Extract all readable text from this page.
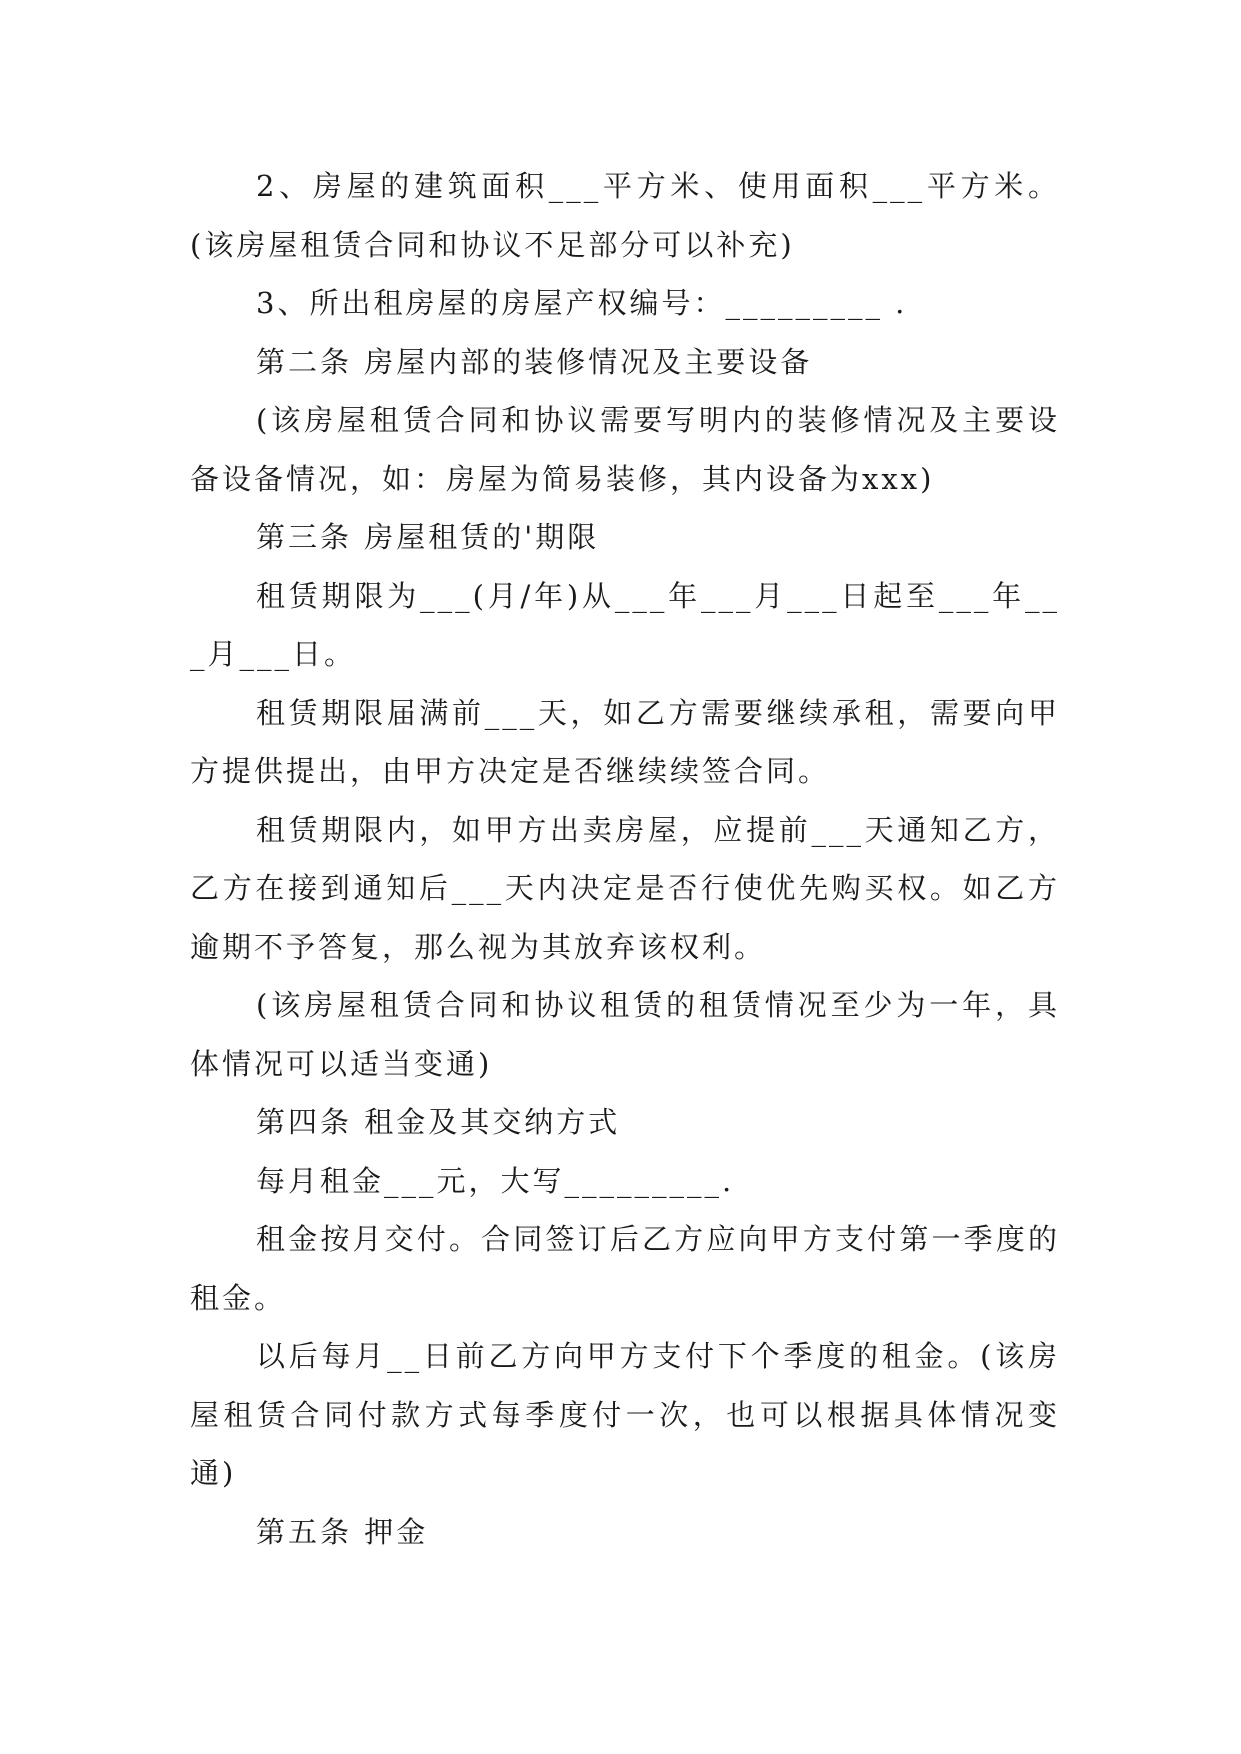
2、房屋的建筑面积___平方米、使用面积___平方米。(该房屋租赁合同和协议不足部分可以补充)

3、所出租房屋的房屋产权编号：_________ .

第二条 房屋内部的装修情况及主要设备

(该房屋租赁合同和协议需要写明内的装修情况及主要设备设备情况，如：房屋为简易装修，其内设备为xxx)

第三条 房屋租赁的'期限

租赁期限为___(月/年)从___年___月___日起至___年___月___日。

租赁期限届满前___天，如乙方需要继续承租，需要向甲方提供提出，由甲方决定是否继续续签合同。

租赁期限内，如甲方出卖房屋，应提前___天通知乙方，乙方在接到通知后___天内决定是否行使优先购买权。如乙方逾期不予答复，那么视为其放弃该权利。

(该房屋租赁合同和协议租赁的租赁情况至少为一年，具体情况可以适当变通)

第四条 租金及其交纳方式

每月租金___元，大写_________.

租金按月交付。合同签订后乙方应向甲方支付第一季度的租金。

以后每月__日前乙方向甲方支付下个季度的租金。(该房屋租赁合同付款方式每季度付一次，也可以根据具体情况变通)

第五条 押金
